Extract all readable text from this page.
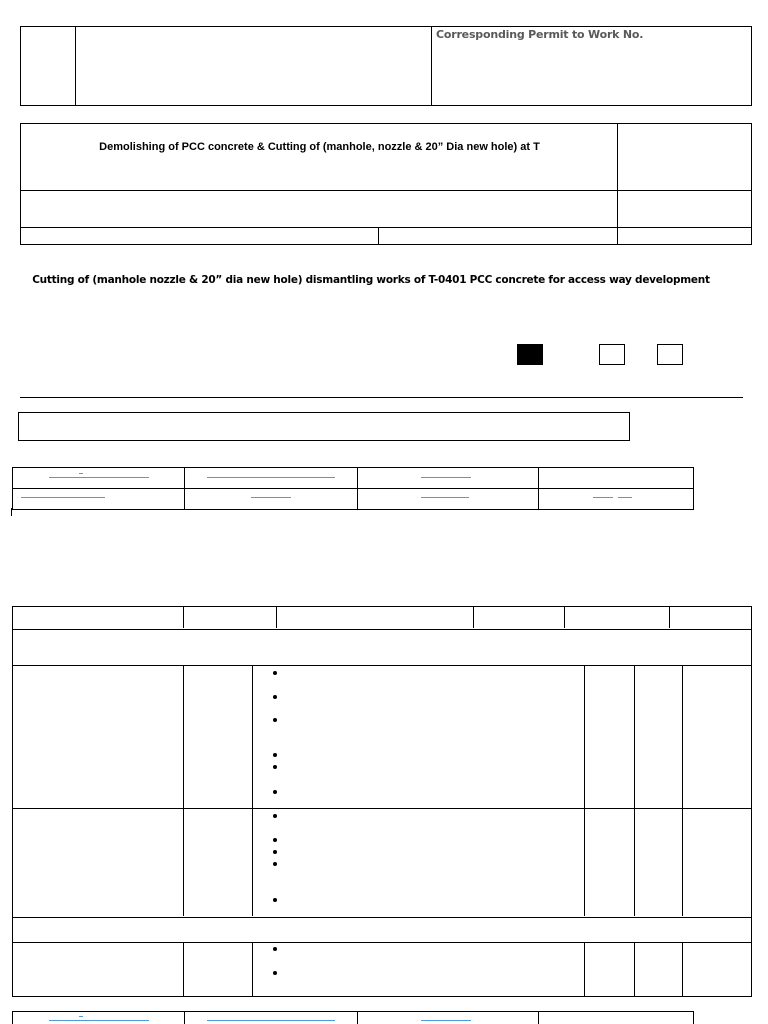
Corresponding Permit to Work No.
Demolishing of PCC concrete & Cutting of (manhole, nozzle & 20” Dia new hole) at T
Cutting of (manhole nozzle & 20” dia new hole) dismantling works of T-0401 PCC concrete for access way development
